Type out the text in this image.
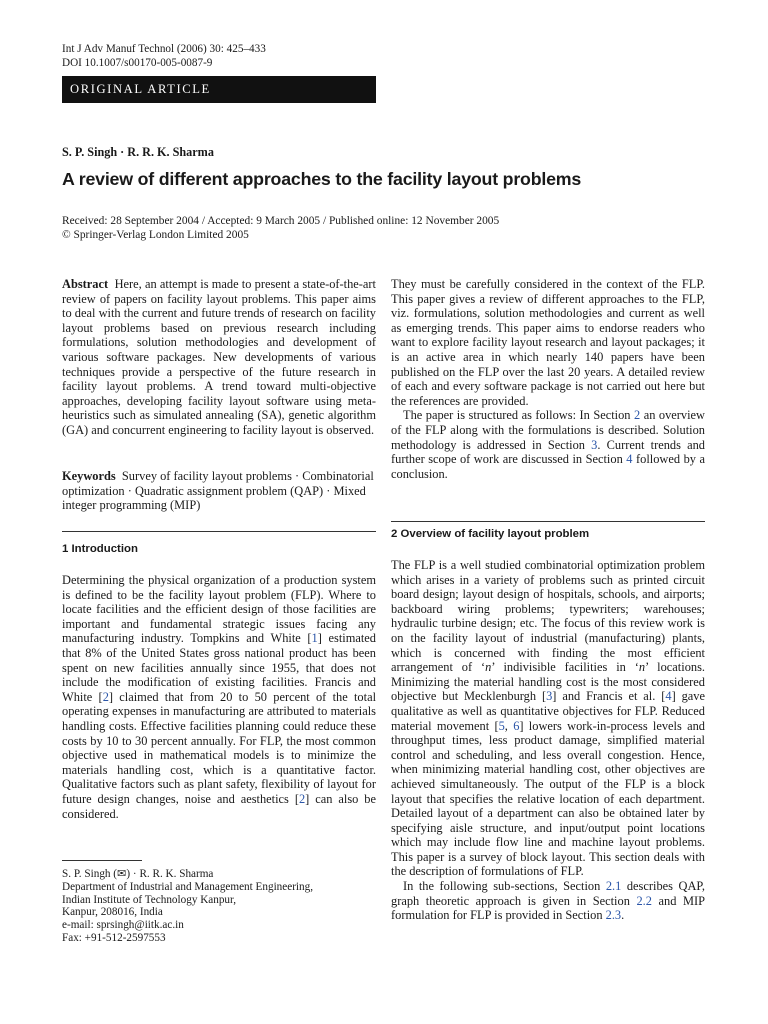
Int J Adv Manuf Technol (2006) 30: 425–433
DOI 10.1007/s00170-005-0087-9
ORIGINAL ARTICLE
S. P. Singh · R. R. K. Sharma
A review of different approaches to the facility layout problems
Received: 28 September 2004 / Accepted: 9 March 2005 / Published online: 12 November 2005
© Springer-Verlag London Limited 2005

Abstract Here, an attempt is made to present a state-of-the-art review of papers on facility layout problems. This paper aims to deal with the current and future trends of research on facility layout problems based on previous research including formulations, solution methodologies and development of various software packages. New developments of various techniques provide a perspective of the future research in facility layout problems. A trend toward multi-objective approaches, developing facility layout software using meta-heuristics such as simulated annealing (SA), genetic algorithm (GA) and concurrent engineering to facility layout is observed.

Keywords Survey of facility layout problems · Combinatorial optimization · Quadratic assignment problem (QAP) · Mixed integer programming (MIP)

1 Introduction

Determining the physical organization of a production system is defined to be the facility layout problem (FLP). Where to locate facilities and the efficient design of those facilities are important and fundamental strategic issues facing any manufacturing industry. Tompkins and White [1] estimated that 8% of the United States gross national product has been spent on new facilities annually since 1955, that does not include the modification of existing facilities. Francis and White [2] claimed that from 20 to 50 percent of the total operating expenses in manufacturing are attributed to materials handling costs. Effective facilities planning could reduce these costs by 10 to 30 percent annually. For FLP, the most common objective used in mathematical models is to minimize the materials handling cost, which is a quantitative factor. Qualitative factors such as plant safety, flexibility of layout for future design changes, noise and aesthetics [2] can also be considered.

S. P. Singh (✉) · R. R. K. Sharma
Department of Industrial and Management Engineering,
Indian Institute of Technology Kanpur,
Kanpur, 208016, India
e-mail: sprsingh@iitk.ac.in
Fax: +91-512-2597553

They must be carefully considered in the context of the FLP. This paper gives a review of different approaches to the FLP, viz. formulations, solution methodologies and current as well as emerging trends. This paper aims to endorse readers who want to explore facility layout research and layout packages; it is an active area in which nearly 140 papers have been published on the FLP over the last 20 years. A detailed review of each and every software package is not carried out here but the references are provided.

The paper is structured as follows: In Section 2 an overview of the FLP along with the formulations is described. Solution methodology is addressed in Section 3. Current trends and further scope of work are discussed in Section 4 followed by a conclusion.

2 Overview of facility layout problem

The FLP is a well studied combinatorial optimization problem which arises in a variety of problems such as printed circuit board design; layout design of hospitals, schools, and airports; backboard wiring problems; typewriters; warehouses; hydraulic turbine design; etc. The focus of this review work is on the facility layout of industrial (manufacturing) plants, which is concerned with finding the most efficient arrangement of ‘n’ indivisible facilities in ‘n’ locations. Minimizing the material handling cost is the most considered objective but Mecklenburgh [3] and Francis et al. [4] gave qualitative as well as quantitative objectives for FLP. Reduced material movement [5, 6] lowers work-in-process levels and throughput times, less product damage, simplified material control and scheduling, and less overall congestion. Hence, when minimizing material handling cost, other objectives are achieved simultaneously. The output of the FLP is a block layout that specifies the relative location of each department. Detailed layout of a department can also be obtained later by specifying aisle structure, and input/output point locations which may include flow line and machine layout problems. This paper is a survey of block layout. This section deals with the description of formulations of FLP.

In the following sub-sections, Section 2.1 describes QAP, graph theoretic approach is given in Section 2.2 and MIP formulation for FLP is provided in Section 2.3.
